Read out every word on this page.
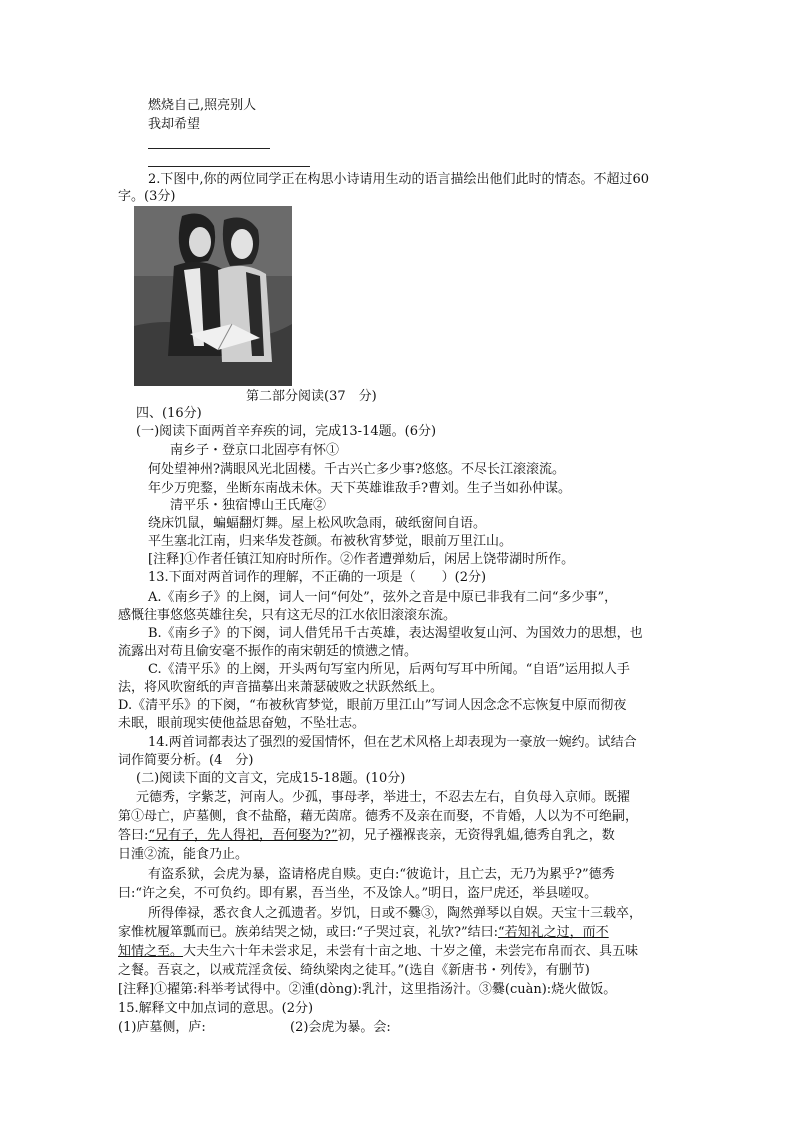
燃烧自己,照亮别人
我却希望
2.下图中,你的两位同学正在构思小诗请用生动的语言描绘出他们此时的情态。不超过60
字。(3分)
第二部分阅读(37　分)
四、(16分)
(一)阅读下面两首辛弃疾的词，完成13-14题。(6分)
南乡子・登京口北固亭有怀①
何处望神州?满眼风光北固楼。千古兴亡多少事?悠悠。不尽长江滚滚流。
年少万兜鍪，坐断东南战未休。天下英雄谁敌手?曹刘。生子当如孙仲谋。
清平乐・独宿博山王氏庵②
绕床饥鼠，蝙蝠翻灯舞。屋上松风吹急雨，破纸窗间自语。
平生塞北江南，归来华发苍颜。布被秋宵梦觉，眼前万里江山。
[注释]①作者任镇江知府时所作。②作者遭弹劾后，闲居上饶带湖时所作。
13.下面对两首词作的理解，不正确的一项是（　　）(2分)
A.《南乡子》的上阕，词人一问“何处”，弦外之音是中原已非我有二问“多少事”，
感慨往事悠悠英雄往矣，只有这无尽的江水依旧滚滚东流。
B.《南乡子》的下阕，词人借凭吊千古英雄，表达渴望收复山河、为国效力的思想，也
流露出对苟且偷安毫不振作的南宋朝廷的愤懑之情。
C.《清平乐》的上阕，开头两句写室内所见，后两句写耳中所闻。“自语”运用拟人手
法，将风吹窗纸的声音描摹出来萧瑟破败之状跃然纸上。
D.《清平乐》的下阕，“布被秋宵梦觉，眼前万里江山”写词人因念念不忘恢复中原而彻夜
未眠，眼前现实使他益思奋勉，不坠壮志。
14.两首词都表达了强烈的爱国情怀，但在艺术风格上却表现为一豪放一婉约。试结合
词作简要分析。(4　分)
(二)阅读下面的文言文，完成15-18题。(10分)
元德秀，字紫芝，河南人。少孤，事母孝，举进士，不忍去左右，自负母入京师。既擢
第①母亡，庐墓侧，食不盐酪，藉无茵席。德秀不及亲在而娶，不肯婚，人以为不可绝嗣，
答曰:“兄有子，先人得祀，吾何娶为?”初，兄子襁褓丧亲，无资得乳媪,德秀自乳之，数
日湩②流，能食乃止。
有盗系狱，会虎为暴，盗请格虎自赎。吏白:“彼诡计，且亡去，无乃为累乎?”德秀
曰:“许之矣，不可负约。即有累，吾当坐，不及馀人。”明日，盗尸虎还，举县嗟叹。
所得俸禄，悉衣食人之孤遗者。岁饥，日或不爨③，陶然弹琴以自娱。天宝十三载卒，
家惟枕履箪瓢而已。族弟结哭之恸，或曰:“子哭过哀，礼欤?”结曰:“若知礼之过，而不
知情之至。大夫生六十年未尝求足，未尝有十亩之地、十岁之僮，未尝完布帛而衣、具五味
之餐。吾哀之，以戒荒淫贪佞、绮纨梁肉之徒耳。”(选自《新唐书・列传》，有删节)
[注释]①擢第:科举考试得中。②湩(dòng):乳汁，这里指汤汁。③爨(cuàn):烧火做饭。
15.解释文中加点词的意思。(2分)
(1)庐墓侧，庐:	(2)会虎为暴。会:
